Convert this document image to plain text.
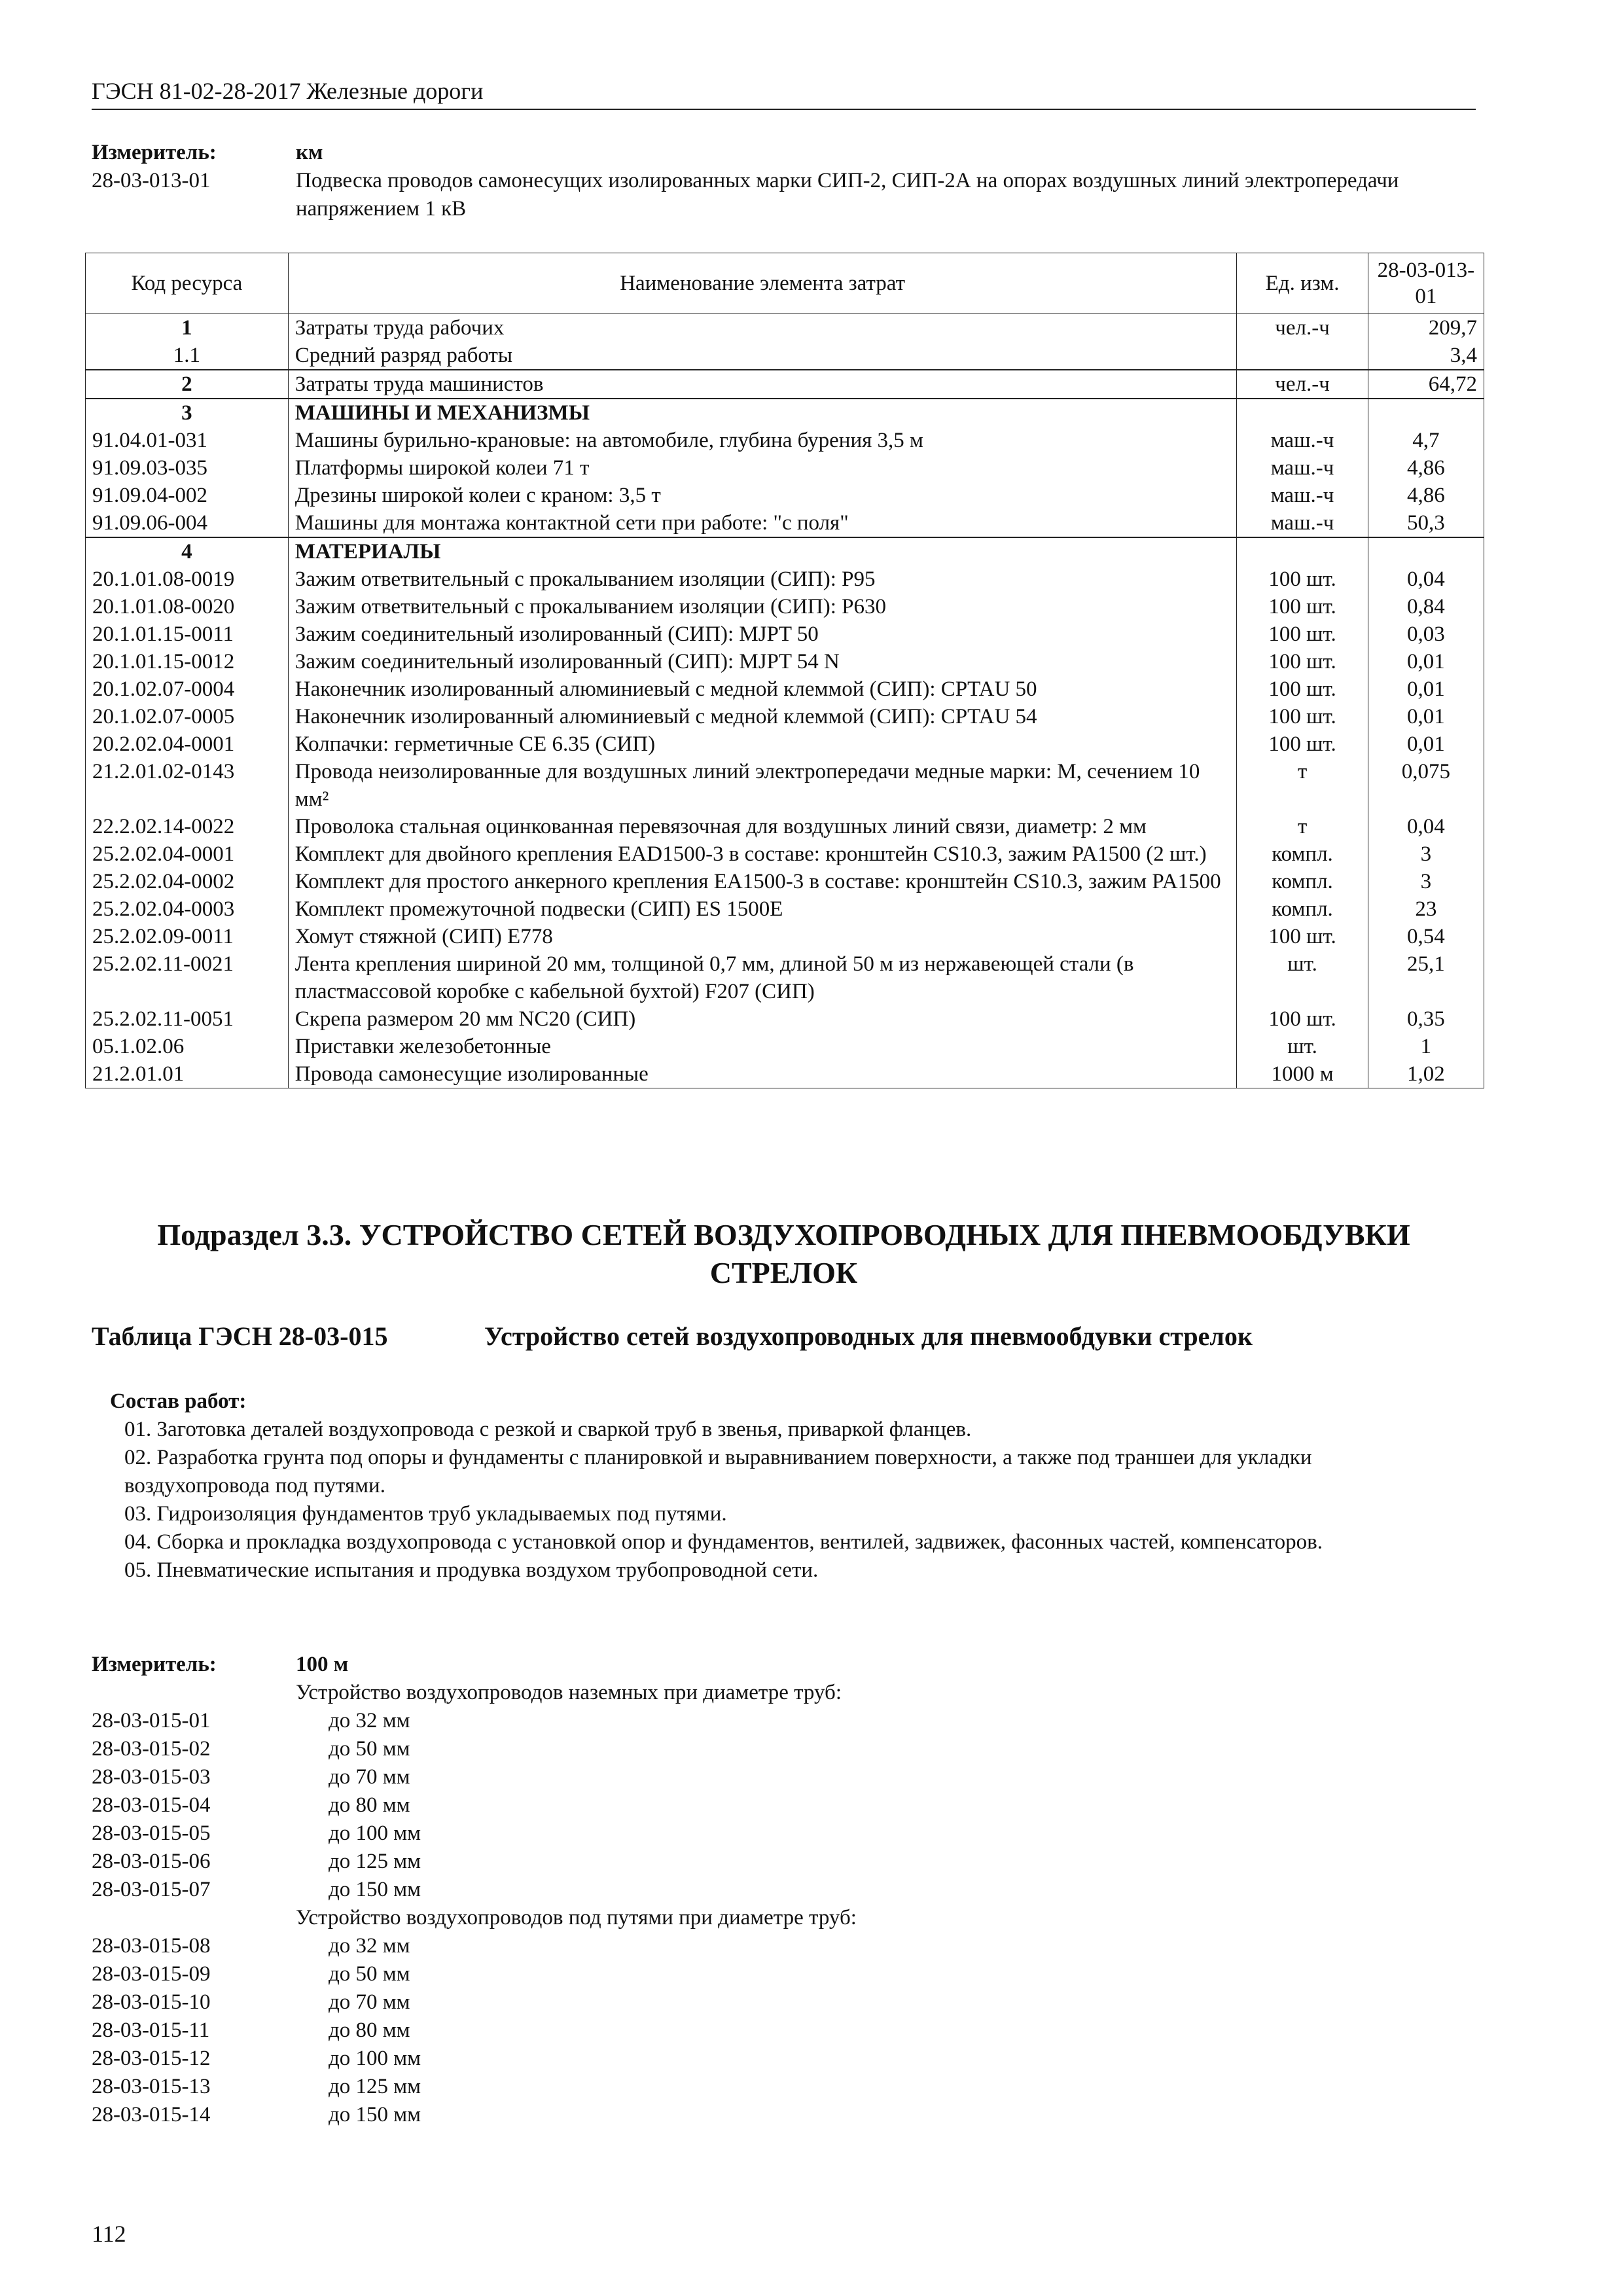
ГЭСН 81-02-28-2017 Железные дороги
Измеритель:	км
28-03-013-01	Подвеска проводов самонесущих изолированных марки СИП-2, СИП-2А на опорах воздушных линий электропередачи напряжением 1 кВ
Код ресурса	Наименование элемента затрат	Ед. изм.	28-03-013-01
1	Затраты труда рабочих	чел.-ч	209,7
1.1	Средний разряд работы		3,4
2	Затраты труда машинистов	чел.-ч	64,72
3	МАШИНЫ И МЕХАНИЗМЫ		
91.04.01-031	Машины бурильно-крановые: на автомобиле, глубина бурения 3,5 м	маш.-ч	4,7
91.09.03-035	Платформы широкой колеи 71 т	маш.-ч	4,86
91.09.04-002	Дрезины широкой колеи с краном: 3,5 т	маш.-ч	4,86
91.09.06-004	Машины для монтажа контактной сети при работе: "с поля"	маш.-ч	50,3
4	МАТЕРИАЛЫ		
20.1.01.08-0019	Зажим ответвительный с прокалыванием изоляции (СИП): Р95	100 шт.	0,04
20.1.01.08-0020	Зажим ответвительный с прокалыванием изоляции (СИП): Р630	100 шт.	0,84
20.1.01.15-0011	Зажим соединительный изолированный (СИП): MJPT 50	100 шт.	0,03
20.1.01.15-0012	Зажим соединительный изолированный (СИП): MJPT 54 N	100 шт.	0,01
20.1.02.07-0004	Наконечник изолированный алюминиевый с медной клеммой (СИП): CPTAU 50	100 шт.	0,01
20.1.02.07-0005	Наконечник изолированный алюминиевый с медной клеммой (СИП): CPTAU 54	100 шт.	0,01
20.2.02.04-0001	Колпачки: герметичные CE 6.35 (СИП)	100 шт.	0,01
21.2.01.02-0143	Провода неизолированные для воздушных линий электропередачи медные марки: М, сечением 10 мм²	т	0,075
22.2.02.14-0022	Проволока стальная оцинкованная перевязочная для воздушных линий связи, диаметр: 2 мм	т	0,04
25.2.02.04-0001	Комплект для двойного крепления EAD1500-3 в составе: кронштейн CS10.3, зажим PA1500 (2 шт.)	компл.	3
25.2.02.04-0002	Комплект для простого анкерного крепления EA1500-3 в составе: кронштейн CS10.3, зажим PA1500	компл.	3
25.2.02.04-0003	Комплект промежуточной подвески (СИП) ES 1500E	компл.	23
25.2.02.09-0011	Хомут стяжной (СИП) E778	100 шт.	0,54
25.2.02.11-0021	Лента крепления шириной 20 мм, толщиной 0,7 мм, длиной 50 м из нержавеющей стали (в пластмассовой коробке с кабельной бухтой) F207 (СИП)	шт.	25,1
25.2.02.11-0051	Скрепа размером 20 мм NC20 (СИП)	100 шт.	0,35
05.1.02.06	Приставки железобетонные	шт.	1
21.2.01.01	Провода самонесущие изолированные	1000 м	1,02
Подраздел 3.3. УСТРОЙСТВО СЕТЕЙ ВОЗДУХОПРОВОДНЫХ ДЛЯ ПНЕВМООБДУВКИ
СТРЕЛОК
Таблица ГЭСН 28-03-015	Устройство сетей воздухопроводных для пневмообдувки стрелок
Состав работ:
01. Заготовка деталей воздухопровода с резкой и сваркой труб в звенья, приваркой фланцев.
02. Разработка грунта под опоры и фундаменты с планировкой и выравниванием поверхности, а также под траншеи для укладки воздухопровода под путями.
03. Гидроизоляция фундаментов труб укладываемых под путями.
04. Сборка и прокладка воздухопровода с установкой опор и фундаментов, вентилей, задвижек, фасонных частей, компенсаторов.
05. Пневматические испытания и продувка воздухом трубопроводной сети.
Измеритель:	100 м
Устройство воздухопроводов наземных при диаметре труб:
28-03-015-01	до 32 мм
28-03-015-02	до 50 мм
28-03-015-03	до 70 мм
28-03-015-04	до 80 мм
28-03-015-05	до 100 мм
28-03-015-06	до 125 мм
28-03-015-07	до 150 мм
Устройство воздухопроводов под путями при диаметре труб:
28-03-015-08	до 32 мм
28-03-015-09	до 50 мм
28-03-015-10	до 70 мм
28-03-015-11	до 80 мм
28-03-015-12	до 100 мм
28-03-015-13	до 125 мм
28-03-015-14	до 150 мм
112
